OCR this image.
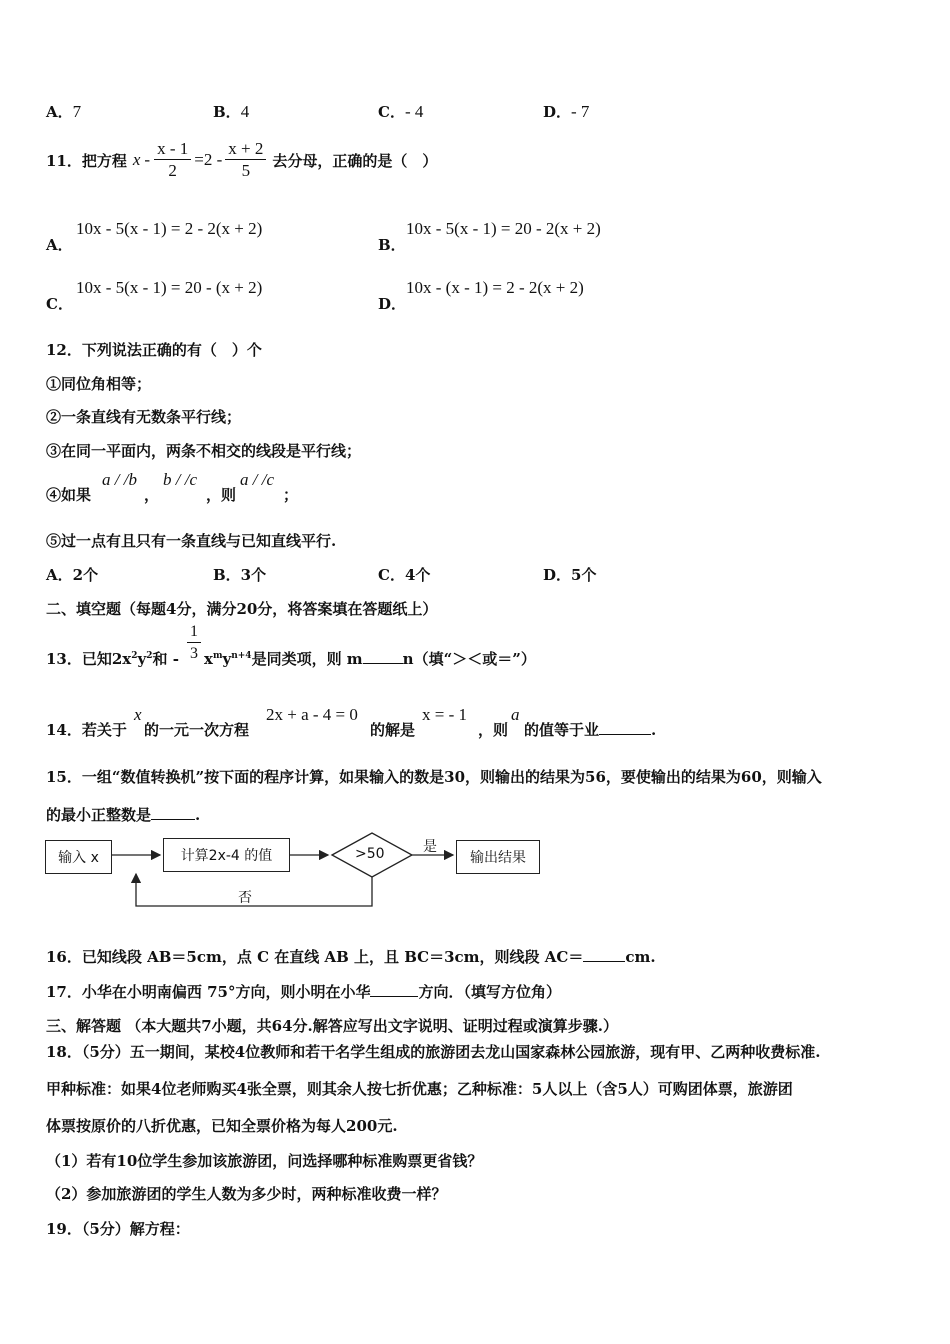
A．7	B．4	C．- 4	D．- 7
11．把方程 $x - \frac{x - 1}{2} =2 - \frac{x + 2}{5}$ 去分母，正确的是（　）
A．
10x - 5(x - 1) = 2 - 2(x + 2)
B．
10x - 5(x - 1) = 20 - 2(x + 2)
C．
10x - 5(x - 1) = 20 - (x + 2)
D．
10x - (x - 1) = 2 - 2(x + 2)
12．下列说法正确的有（　）个
①同位角相等；
②一条直线有无数条平行线；
③在同一平面内，两条不相交的线段是平行线；
④如果
a / /b
，
b / /c
，则
a / /c
；
⑤过一点有且只有一条直线与已知直线平行.
A．2个	B．3个	C．4个	D．5个
二、填空题（每题4分，满分20分，将答案填在答题纸上）
13．已知$2x^2y^2$和 - $\frac{1}{3} x^my^{n+4}$是同类项，则 m	n（填“＞＜或＝”）
14．若关于
x
的一元一次方程
2x + a - 4 = 0
的解是
x = - 1
，则
a
的值等于业	.
15．一组“数值转换机”按下面的程序计算，如果输入的数是30，则输出的结果为56，要使输出的结果为60，则输入
的最小正整数是	.
输入 x	计算2x-4 的值	>50	是
输出结果
否
16．已知线段 AB＝5cm，点 C 在直线 AB 上，且 BC＝3cm，则线段 AC＝	cm.
17．小华在小明南偏西 75°方向，则小明在小华	方向．（填写方位角）
三、解答题 （本大题共7小题，共64分.解答应写出文字说明、证明过程或演算步骤.）
18．（5分）五一期间，某校4位教师和若干名学生组成的旅游团去龙山国家森林公园旅游，现有甲、乙两种收费标准.
甲种标准：如果4位老师购买4张全票，则其余人按七折优惠；乙种标准：5人以上（含5人）可购团体票，旅游团
体票按原价的八折优惠，已知全票价格为每人200元.
（1）若有10位学生参加该旅游团，问选择哪种标准购票更省钱？
（2）参加旅游团的学生人数为多少时，两种标准收费一样？
19．（5分）解方程：
